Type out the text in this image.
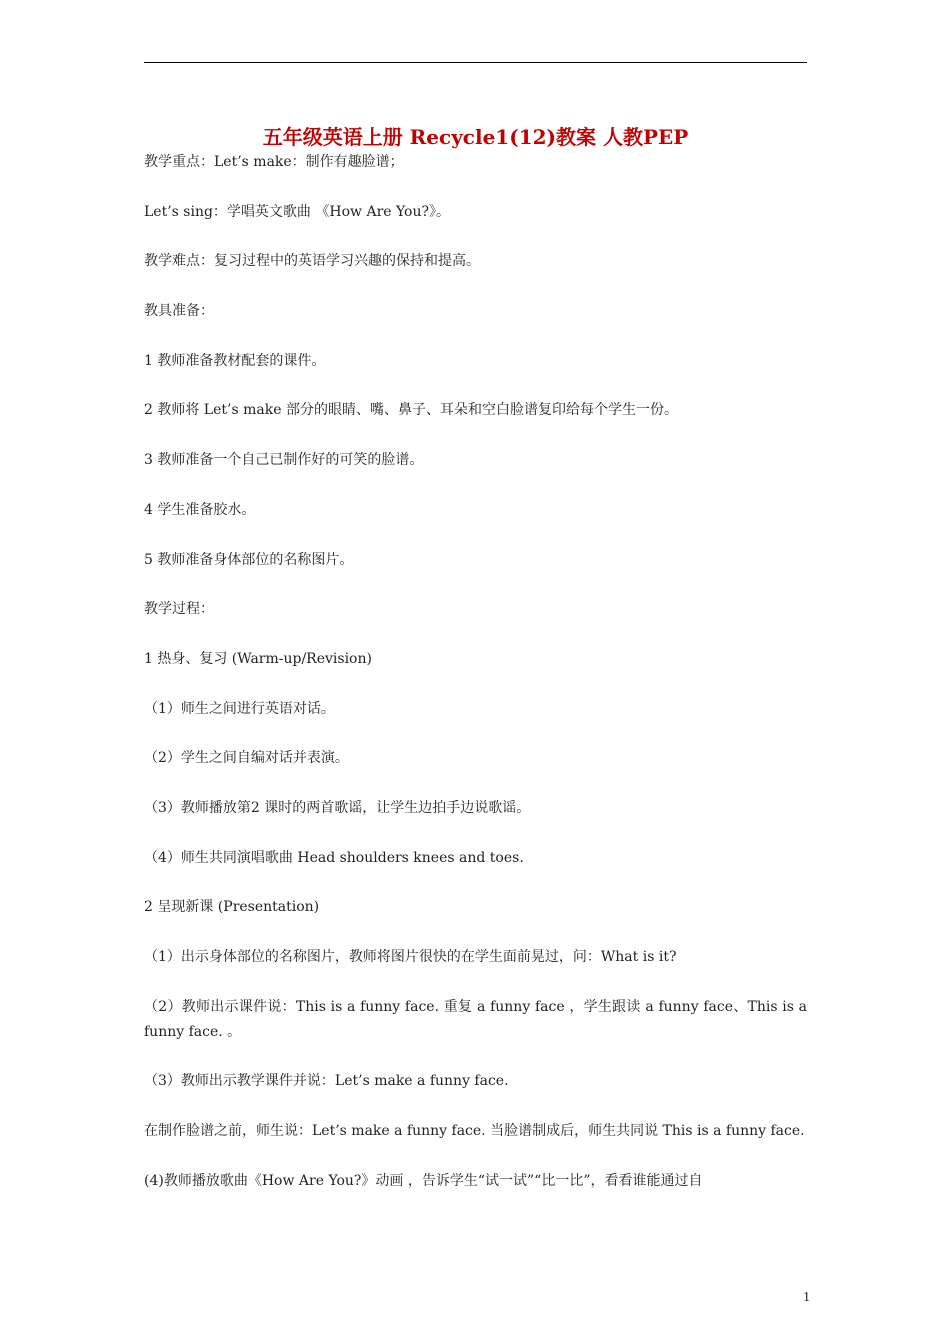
五年级英语上册 Recycle1(12)教案 人教PEP

教学重点：Let’s make：制作有趣脸谱；

Let’s sing：学唱英文歌曲 《How Are You?》。

教学难点：复习过程中的英语学习兴趣的保持和提高。

教具准备：

1 教师准备教材配套的课件。

2 教师将 Let’s make 部分的眼睛、嘴、鼻子、耳朵和空白脸谱复印给每个学生一份。

3 教师准备一个自己已制作好的可笑的脸谱。

4 学生准备胶水。

5 教师准备身体部位的名称图片。

教学过程：

1 热身、复习 (Warm-up/Revision)

（1）师生之间进行英语对话。

（2）学生之间自编对话并表演。

（3）教师播放第2 课时的两首歌谣，让学生边拍手边说歌谣。

（4）师生共同演唱歌曲 Head shoulders knees and toes.

2 呈现新课 (Presentation)

（1）出示身体部位的名称图片，教师将图片很快的在学生面前晃过，问：What is it?

（2）教师出示课件说：This is a funny face. 重复 a funny face ，学生跟读 a funny face、This is a funny face. 。

（3）教师出示教学课件并说：Let’s make a funny face.

在制作脸谱之前，师生说：Let’s make a funny face. 当脸谱制成后，师生共同说 This is a funny face.

(4)教师播放歌曲《How Are You?》动画 ，告诉学生“试一试”“比一比”，看看谁能通过自

1
